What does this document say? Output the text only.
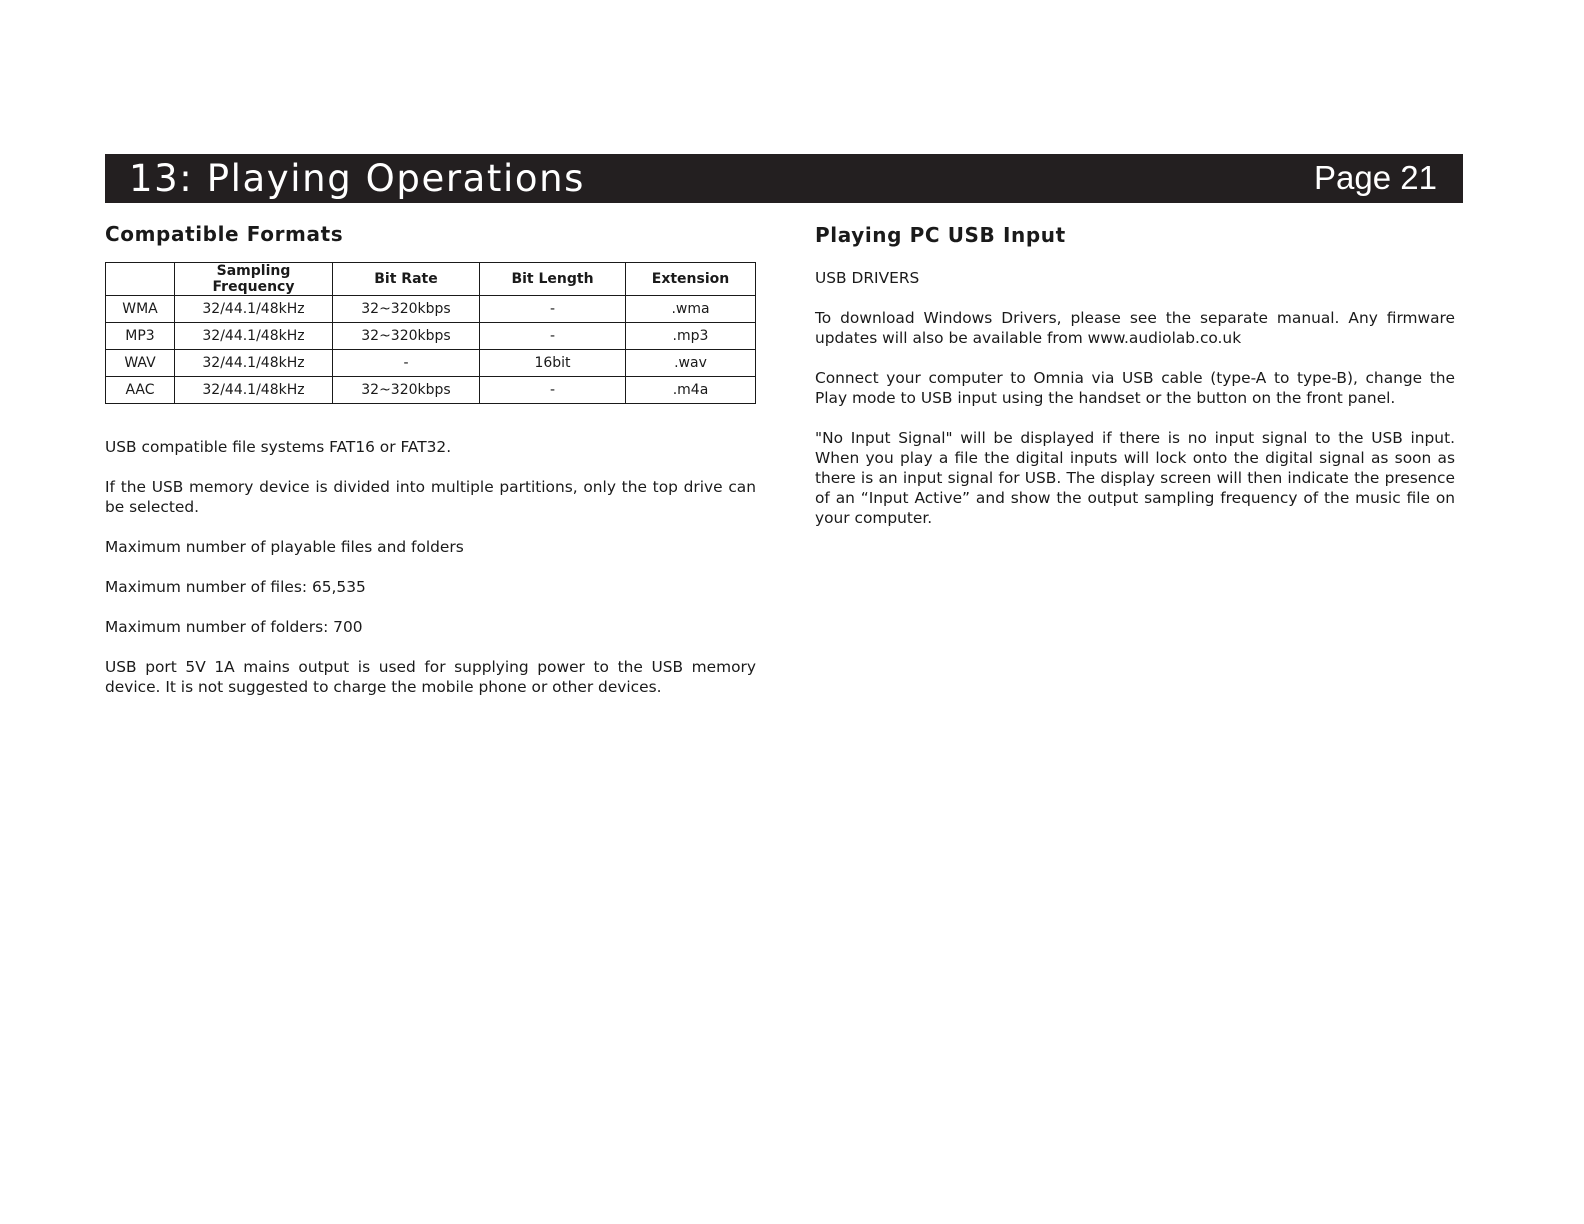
13: Playing Operations	Page 21
Compatible Formats
	Sampling Frequency	Bit Rate	Bit Length	Extension
WMA	32/44.1/48kHz	32~320kbps	-	.wma
MP3	32/44.1/48kHz	32~320kbps	-	.mp3
WAV	32/44.1/48kHz	-	16bit	.wav
AAC	32/44.1/48kHz	32~320kbps	-	.m4a

USB compatible file systems FAT16 or FAT32.

If the USB memory device is divided into multiple partitions, only the top drive can be selected.

Maximum number of playable files and folders

Maximum number of files: 65,535

Maximum number of folders: 700

USB port 5V 1A mains output is used for supplying power to the USB memory device. It is not suggested to charge the mobile phone or other devices.

Playing PC USB Input

USB DRIVERS

To download Windows Drivers, please see the separate manual. Any firmware updates will also be available from www.audiolab.co.uk

Connect your computer to Omnia via USB cable (type-A to type-B), change the Play mode to USB input using the handset or the button on the front panel.

"No Input Signal" will be displayed if there is no input signal to the USB input. When you play a file the digital inputs will lock onto the digital signal as soon as there is an input signal for USB. The display screen will then indicate the presence of an “Input Active” and show the output sampling frequency of the music file on your computer.
